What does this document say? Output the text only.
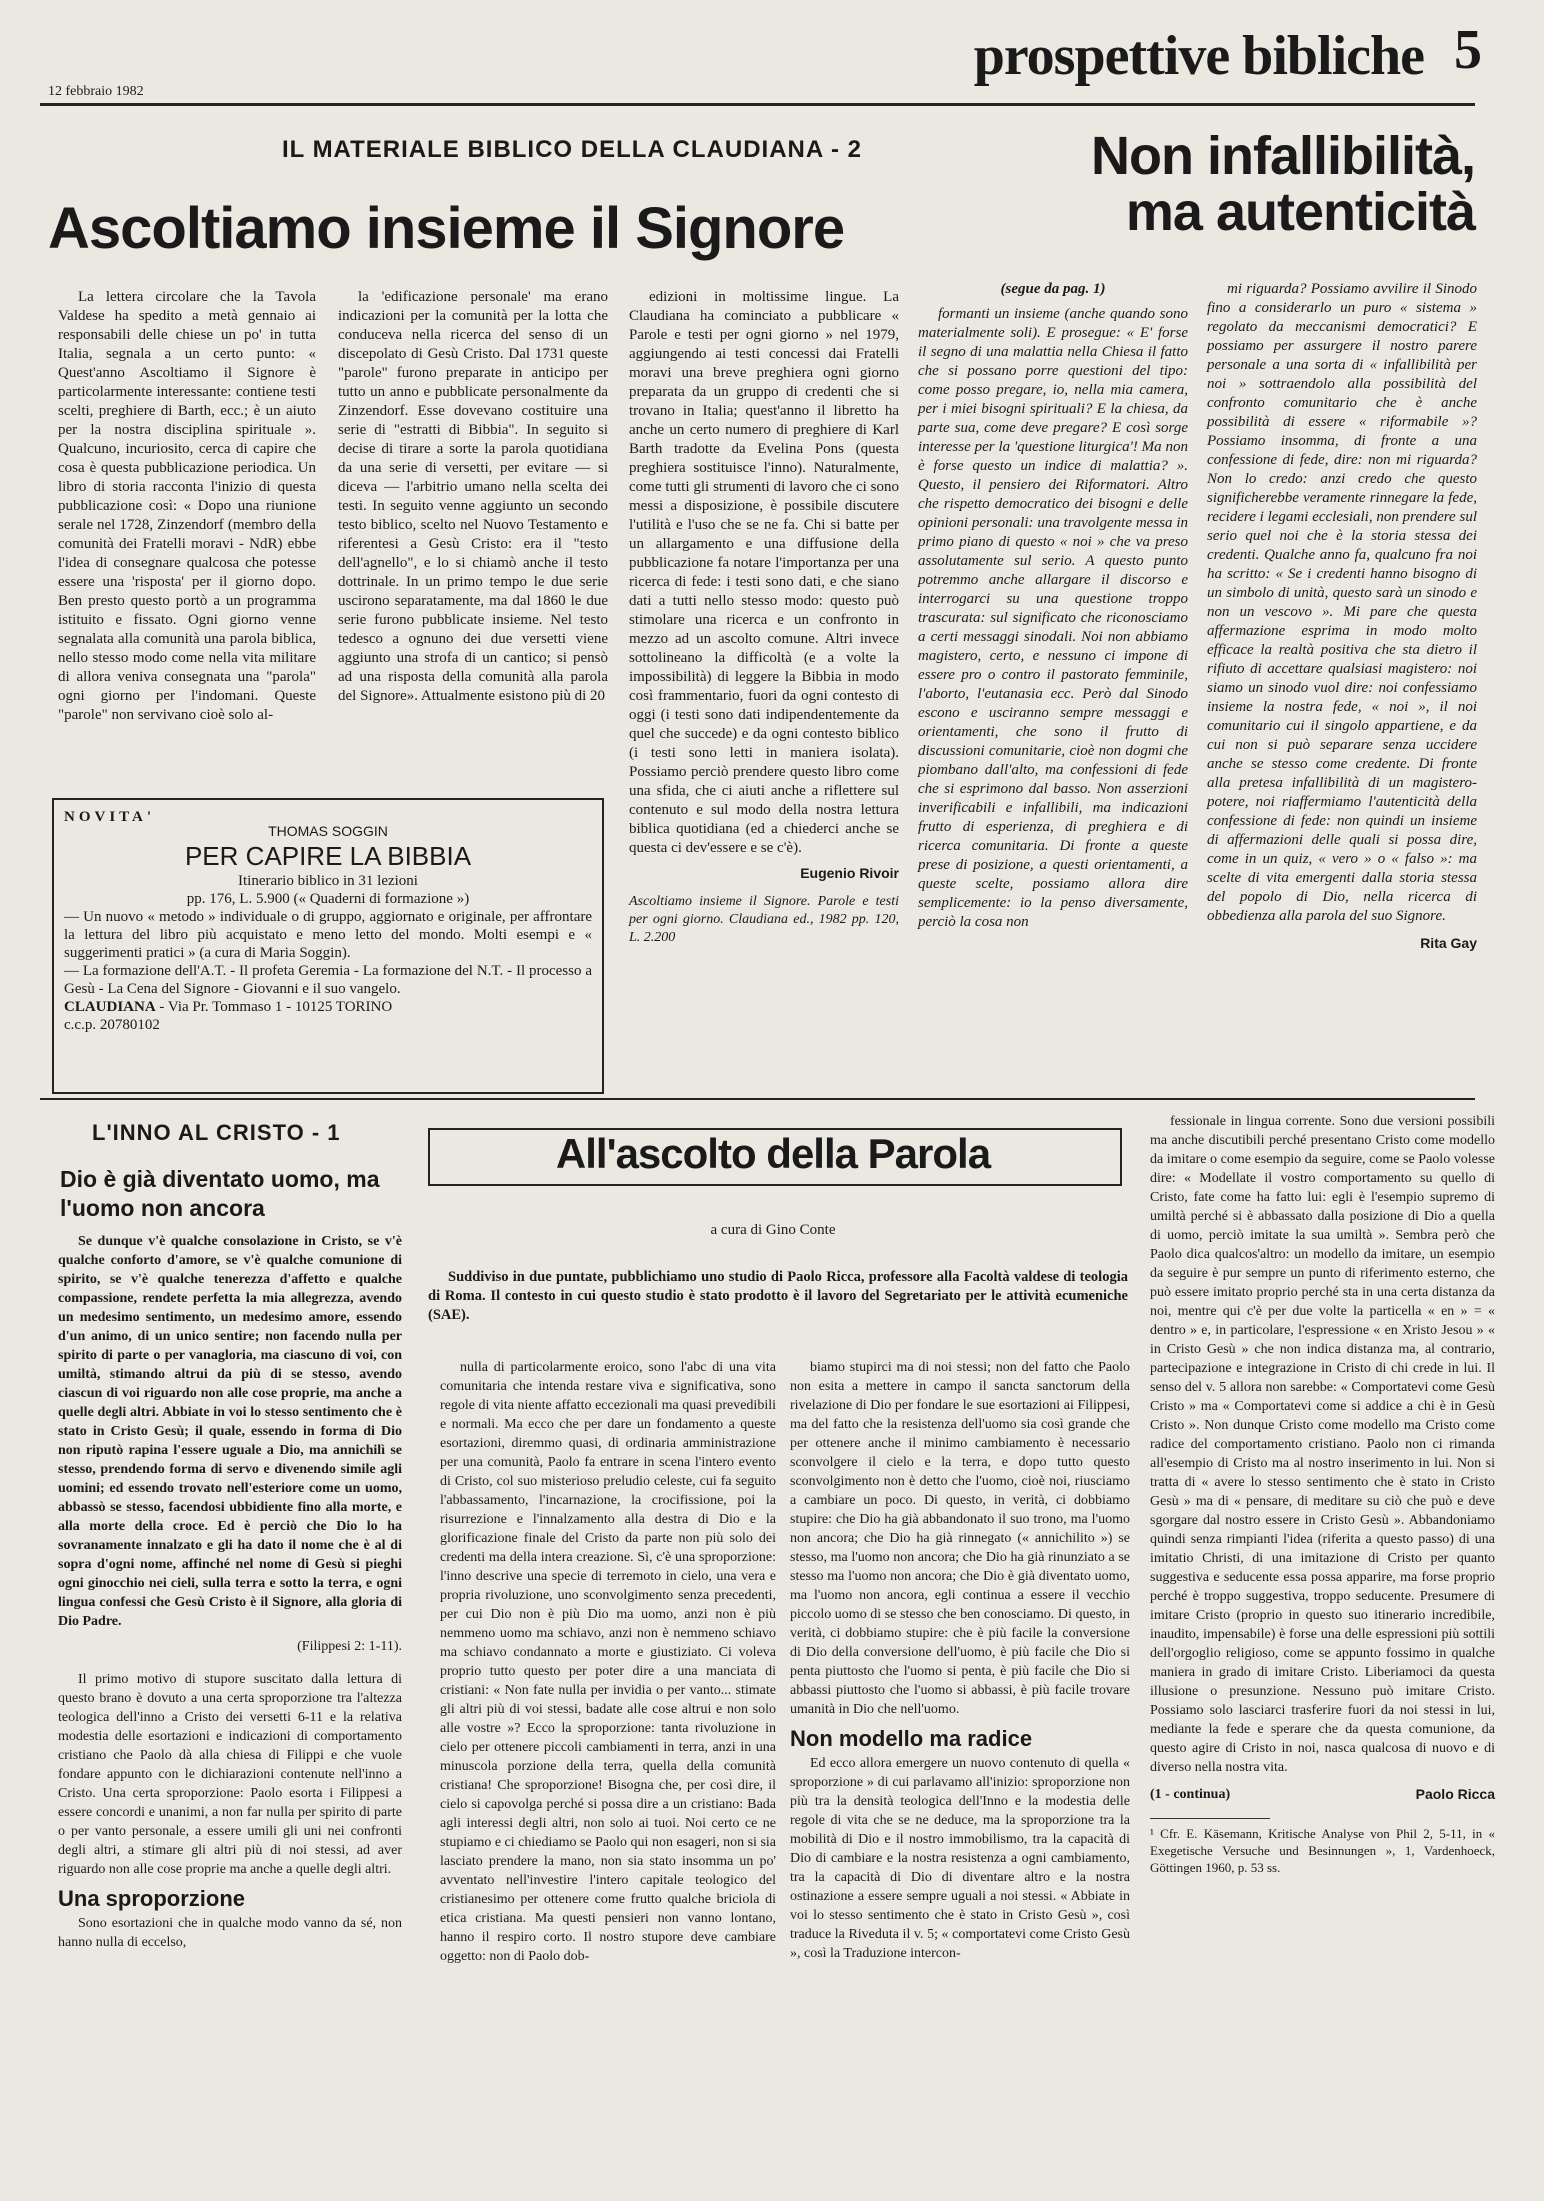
12 febbraio 1982
prospettive bibliche 5
IL MATERIALE BIBLICO DELLA CLAUDIANA - 2
Ascoltiamo insieme il Signore

La lettera circolare che la Tavola Valdese ha spedito a metà gennaio ai responsabili delle chiese un po' in tutta Italia, segnala a un certo punto: « Quest'anno Ascoltiamo il Signore è particolarmente interessante: contiene testi scelti, preghiere di Barth, ecc.; è un aiuto per la nostra disciplina spirituale ». Qualcuno, incuriosito, cerca di capire che cosa è questa pubblicazione periodica. Un libro di storia racconta l'inizio di questa pubblicazione così: « Dopo una riunione serale nel 1728, Zinzendorf (membro della comunità dei Fratelli moravi - NdR) ebbe l'idea di consegnare qualcosa che potesse essere una 'risposta' per il giorno dopo. Ben presto questo portò a un programma istituito e fissato. Ogni giorno venne segnalata alla comunità una parola biblica, nello stesso modo come nella vita militare di allora veniva consegnata una "parola" ogni giorno per l'indomani. Queste "parole" non servivano cioè solo al-

la 'edificazione personale' ma erano indicazioni per la comunità per la lotta che conduceva nella ricerca del senso di un discepolato di Gesù Cristo. Dal 1731 queste "parole" furono preparate in anticipo per tutto un anno e pubblicate personalmente da Zinzendorf. Esse dovevano costituire una serie di "estratti di Bibbia". In seguito si decise di tirare a sorte la parola quotidiana da una serie di versetti, per evitare — si diceva — l'arbitrio umano nella scelta dei testi. In seguito venne aggiunto un secondo testo biblico, scelto nel Nuovo Testamento e riferentesi a Gesù Cristo: era il "testo dell'agnello", e lo si chiamò anche il testo dottrinale. In un primo tempo le due serie uscirono separatamente, ma dal 1860 le due serie furono pubblicate insieme. Nel testo tedesco a ognuno dei due versetti viene aggiunto una strofa di un cantico; si pensò ad una risposta della comunità alla parola del Signore». Attualmente esistono più di 20

edizioni in moltissime lingue. La Claudiana ha cominciato a pubblicare « Parole e testi per ogni giorno » nel 1979, aggiungendo ai testi concessi dai Fratelli moravi una breve preghiera ogni giorno preparata da un gruppo di credenti che si trovano in Italia; quest'anno il libretto ha anche un certo numero di preghiere di Karl Barth tradotte da Evelina Pons (questa preghiera sostituisce l'inno). Naturalmente, come tutti gli strumenti di lavoro che ci sono messi a disposizione, è possibile discutere l'utilità e l'uso che se ne fa. Chi si batte per un allargamento e una diffusione della pubblicazione fa notare l'importanza per una ricerca di fede: i testi sono dati, e che siano dati a tutti nello stesso modo: questo può stimolare una ricerca e un confronto in mezzo ad un ascolto comune. Altri invece sottolineano la difficoltà (e a volte la impossibilità) di leggere la Bibbia in modo così frammentario, fuori da ogni contesto di oggi (i testi sono dati indipendentemente da quel che succede) e da ogni contesto biblico (i testi sono letti in maniera isolata). Possiamo perciò prendere questo libro come una sfida, che ci aiuti anche a riflettere sul contenuto e sul modo della nostra lettura biblica quotidiana (ed a chiederci anche se questa ci dev'essere e se c'è).

Eugenio Rivoir
Ascoltiamo insieme il Signore. Parole e testi per ogni giorno. Claudiana ed., 1982 pp. 120, L. 2.200
NOVITA'
THOMAS SOGGIN
PER CAPIRE LA BIBBIA
Itinerario biblico in 31 lezioni
pp. 176, L. 5.900 (« Quaderni di formazione »)
— Un nuovo « metodo » individuale o di gruppo, aggiornato e originale, per affrontare la lettura del libro più acquistato e meno letto del mondo. Molti esempi e « suggerimenti pratici » (a cura di Maria Soggin).
— La formazione dell'A.T. - Il profeta Geremia - La formazione del N.T. - Il processo a Gesù - La Cena del Signore - Giovanni e il suo vangelo.
CLAUDIANA - Via Pr. Tommaso 1 - 10125 TORINO
c.c.p. 20780102
Non infallibilità,
ma autenticità
(segue da pag. 1)

formanti un insieme (anche quando sono materialmente soli). E prosegue: « E' forse il segno di una malattia nella Chiesa il fatto che si possano porre questioni del tipo: come posso pregare, io, nella mia camera, per i miei bisogni spirituali? E la chiesa, da parte sua, come deve pregare? E così sorge interesse per la 'questione liturgica'! Ma non è forse questo un indice di malattia? ». Questo, il pensiero dei Riformatori. Altro che rispetto democratico dei bisogni e delle opinioni personali: una travolgente messa in primo piano di questo « noi » che va preso assolutamente sul serio. A questo punto potremmo anche allargare il discorso e interrogarci su una questione troppo trascurata: sul significato che riconosciamo a certi messaggi sinodali. Noi non abbiamo magistero, certo, e nessuno ci impone di essere pro o contro il pastorato femminile, l'aborto, l'eutanasia ecc. Però dal Sinodo escono e usciranno sempre messaggi e orientamenti, che sono il frutto di discussioni comunitarie, cioè non dogmi che piombano dall'alto, ma confessioni di fede che si esprimono dal basso. Non asserzioni inverificabili e infallibili, ma indicazioni frutto di esperienza, di preghiera e di ricerca comunitaria. Di fronte a queste prese di posizione, a questi orientamenti, a queste scelte, possiamo allora dire semplicemente: io la penso diversamente, perciò la cosa non

mi riguarda? Possiamo avvilire il Sinodo fino a considerarlo un puro « sistema » regolato da meccanismi democratici? E possiamo per assurgere il nostro parere personale a una sorta di « infallibilità per noi » sottraendolo alla possibilità del confronto comunitario che è anche possibilità di essere « riformabile »? Possiamo insomma, di fronte a una confessione di fede, dire: non mi riguarda? Non lo credo: anzi credo che questo significherebbe veramente rinnegare la fede, recidere i legami ecclesiali, non prendere sul serio quel noi che è la storia stessa dei credenti. Qualche anno fa, qualcuno fra noi ha scritto: « Se i credenti hanno bisogno di un simbolo di unità, questo sarà un sinodo e non un vescovo ». Mi pare che questa affermazione esprima in modo molto efficace la realtà positiva che sta dietro il rifiuto di accettare qualsiasi magistero: noi siamo un sinodo vuol dire: noi confessiamo insieme la nostra fede, « noi », il noi comunitario cui il singolo appartiene, e da cui non si può separare senza uccidere anche se stesso come credente. Di fronte alla pretesa infallibilità di un magistero-potere, noi riaffermiamo l'autenticità della confessione di fede: non quindi un insieme di affermazioni delle quali si possa dire, come in un quiz, « vero » o « falso »: ma scelte di vita emergenti dalla storia stessa del popolo di Dio, nella ricerca di obbedienza alla parola del suo Signore.

Rita Gay
L'INNO AL CRISTO - 1
Dio è già diventato uomo, ma l'uomo non ancora

Se dunque v'è qualche consolazione in Cristo, se v'è qualche conforto d'amore, se v'è qualche comunione di spirito, se v'è qualche tenerezza d'affetto e qualche compassione, rendete perfetta la mia allegrezza, avendo un medesimo sentimento, un medesimo amore, essendo d'un animo, di un unico sentire; non facendo nulla per spirito di parte o per vanagloria, ma ciascuno di voi, con umiltà, stimando altrui da più di se stesso, avendo ciascun di voi riguardo non alle cose proprie, ma anche a quelle degli altri. Abbiate in voi lo stesso sentimento che è stato in Cristo Gesù; il quale, essendo in forma di Dio non riputò rapina l'essere uguale a Dio, ma annichilì se stesso, prendendo forma di servo e divenendo simile agli uomini; ed essendo trovato nell'esteriore come un uomo, abbassò se stesso, facendosi ubbidiente fino alla morte, e alla morte della croce. Ed è perciò che Dio lo ha sovranamente innalzato e gli ha dato il nome che è al di sopra d'ogni nome, affinché nel nome di Gesù si pieghi ogni ginocchio nei cieli, sulla terra e sotto la terra, e ogni lingua confessi che Gesù Cristo è il Signore, alla gloria di Dio Padre.

(Filippesi 2: 1-11).

Il primo motivo di stupore suscitato dalla lettura di questo brano è dovuto a una certa sproporzione tra l'altezza teologica dell'inno a Cristo dei versetti 6-11 e la relativa modestia delle esortazioni e indicazioni di comportamento cristiano che Paolo dà alla chiesa di Filippi e che vuole fondare appunto con le dichiarazioni contenute nell'inno a Cristo. Una certa sproporzione: Paolo esorta i Filippesi a essere concordi e unanimi, a non far nulla per spirito di parte o per vanto personale, a essere umili gli uni nei confronti degli altri, a stimare gli altri più di noi stessi, ad aver riguardo non alle cose proprie ma anche a quelle degli altri.

Una sproporzione

Sono esortazioni che in qualche modo vanno da sé, non hanno nulla di eccelso,

All'ascolto della Parola
a cura di Gino Conte

Suddiviso in due puntate, pubblichiamo uno studio di Paolo Ricca, professore alla Facoltà valdese di teologia di Roma. Il contesto in cui questo studio è stato prodotto è il lavoro del Segretariato per le attività ecumeniche (SAE).

nulla di particolarmente eroico, sono l'abc di una vita comunitaria che intenda restare viva e significativa, sono regole di vita niente affatto eccezionali ma quasi prevedibili e normali. Ma ecco che per dare un fondamento a queste esortazioni, diremmo quasi, di ordinaria amministrazione per una comunità, Paolo fa entrare in scena l'intero evento di Cristo, col suo misterioso preludio celeste, cui fa seguito l'abbassamento, l'incarnazione, la crocifissione, poi la risurrezione e l'innalzamento alla destra di Dio e la glorificazione finale del Cristo da parte non più solo dei credenti ma della intera creazione. Sì, c'è una sproporzione: l'inno descrive una specie di terremoto in cielo, una vera e propria rivoluzione, uno sconvolgimento senza precedenti, per cui Dio non è più Dio ma uomo, anzi non è più nemmeno uomo ma schiavo, anzi non è nemmeno schiavo ma schiavo condannato a morte e giustiziato. Ci voleva proprio tutto questo per poter dire a una manciata di cristiani: « Non fate nulla per invidia o per vanto... stimate gli altri più di voi stessi, badate alle cose altrui e non solo alle vostre »? Ecco la sproporzione: tanta rivoluzione in cielo per ottenere piccoli cambiamenti in terra, anzi in una minuscola porzione della terra, quella della comunità cristiana! Che sproporzione! Bisogna che, per così dire, il cielo si capovolga perché si possa dire a un cristiano: Bada agli interessi degli altri, non solo ai tuoi. Noi certo ce ne stupiamo e ci chiediamo se Paolo qui non esageri, non si sia lasciato prendere la mano, non sia stato insomma un po' avventato nell'investire l'intero capitale teologico del cristianesimo per ottenere come frutto qualche briciola di etica cristiana. Ma questi pensieri non vanno lontano, hanno il respiro corto. Il nostro stupore deve cambiare oggetto: non di Paolo dob-

biamo stupirci ma di noi stessi; non del fatto che Paolo non esita a mettere in campo il sancta sanctorum della rivelazione di Dio per fondare le sue esortazioni ai Filippesi, ma del fatto che la resistenza dell'uomo sia così grande che per ottenere anche il minimo cambiamento è necessario sconvolgere il cielo e la terra, e dopo tutto questo sconvolgimento non è detto che l'uomo, cioè noi, riusciamo a cambiare un poco. Di questo, in verità, ci dobbiamo stupire: che Dio ha già abbandonato il suo trono, ma l'uomo non ancora; che Dio ha già rinnegato (« annichilito ») se stesso, ma l'uomo non ancora; che Dio ha già rinunziato a se stesso ma l'uomo non ancora; che Dio è già diventato uomo, ma l'uomo non ancora, egli continua a essere il vecchio piccolo uomo di se stesso che ben conosciamo. Di questo, in verità, ci dobbiamo stupire: che è più facile la conversione di Dio della conversione dell'uomo, è più facile che Dio si penta piuttosto che l'uomo si penta, è più facile che Dio si abbassi piuttosto che l'uomo si abbassi, è più facile trovare umanità in Dio che nell'uomo.

Non modello ma radice

Ed ecco allora emergere un nuovo contenuto di quella « sproporzione » di cui parlavamo all'inizio: sproporzione non più tra la densità teologica dell'Inno e la modestia delle regole di vita che se ne deduce, ma la sproporzione tra la mobilità di Dio e il nostro immobilismo, tra la capacità di Dio di cambiare e la nostra resistenza a ogni cambiamento, tra la capacità di Dio di diventare altro e la nostra ostinazione a essere sempre uguali a noi stessi. « Abbiate in voi lo stesso sentimento che è stato in Cristo Gesù », così traduce la Riveduta il v. 5; « comportatevi come Cristo Gesù », così la Traduzione intercon-

fessionale in lingua corrente. Sono due versioni possibili ma anche discutibili perché presentano Cristo come modello da imitare o come esempio da seguire, come se Paolo volesse dire: « Modellate il vostro comportamento su quello di Cristo, fate come ha fatto lui: egli è l'esempio supremo di umiltà perché si è abbassato dalla posizione di Dio a quella di uomo, perciò imitate la sua umiltà ». Sembra però che Paolo dica qualcos'altro: un modello da imitare, un esempio da seguire è pur sempre un punto di riferimento esterno, che può essere imitato proprio perché sta in una certa distanza da noi, mentre qui c'è per due volte la particella « en » = « dentro » e, in particolare, l'espressione « en Xristo Jesou » « in Cristo Gesù » che non indica distanza ma, al contrario, partecipazione e integrazione in Cristo di chi crede in lui. Il senso del v. 5 allora non sarebbe: « Comportatevi come Gesù Cristo » ma « Comportatevi come si addice a chi è in Gesù Cristo ». Non dunque Cristo come modello ma Cristo come radice del comportamento cristiano. Paolo non ci rimanda all'esempio di Cristo ma al nostro inserimento in lui. Non si tratta di « avere lo stesso sentimento che è stato in Cristo Gesù » ma di « pensare, di meditare su ciò che può e deve sgorgare dal nostro essere in Cristo Gesù ». Abbandoniamo quindi senza rimpianti l'idea (riferita a questo passo) di una imitatio Christi, di una imitazione di Cristo per quanto suggestiva e seducente essa possa apparire, ma forse proprio perché è troppo suggestiva, troppo seducente. Presumere di imitare Cristo (proprio in questo suo itinerario incredibile, inaudito, impensabile) è forse una delle espressioni più sottili dell'orgoglio religioso, come se appunto fossimo in qualche maniera in grado di imitare Cristo. Liberiamoci da questa illusione o presunzione. Nessuno può imitare Cristo. Possiamo solo lasciarci trasferire fuori da noi stessi in lui, mediante la fede e sperare che da questa comunione, da questo agire di Cristo in noi, nasca qualcosa di nuovo e di diverso nella nostra vita.

(1 - continua)	Paolo Ricca
¹ Cfr. E. Käsemann, Kritische Analyse von Phil 2, 5-11, in « Exegetische Versuche und Besinnungen », 1, Vardenhoeck, Göttingen 1960, p. 53 ss.
